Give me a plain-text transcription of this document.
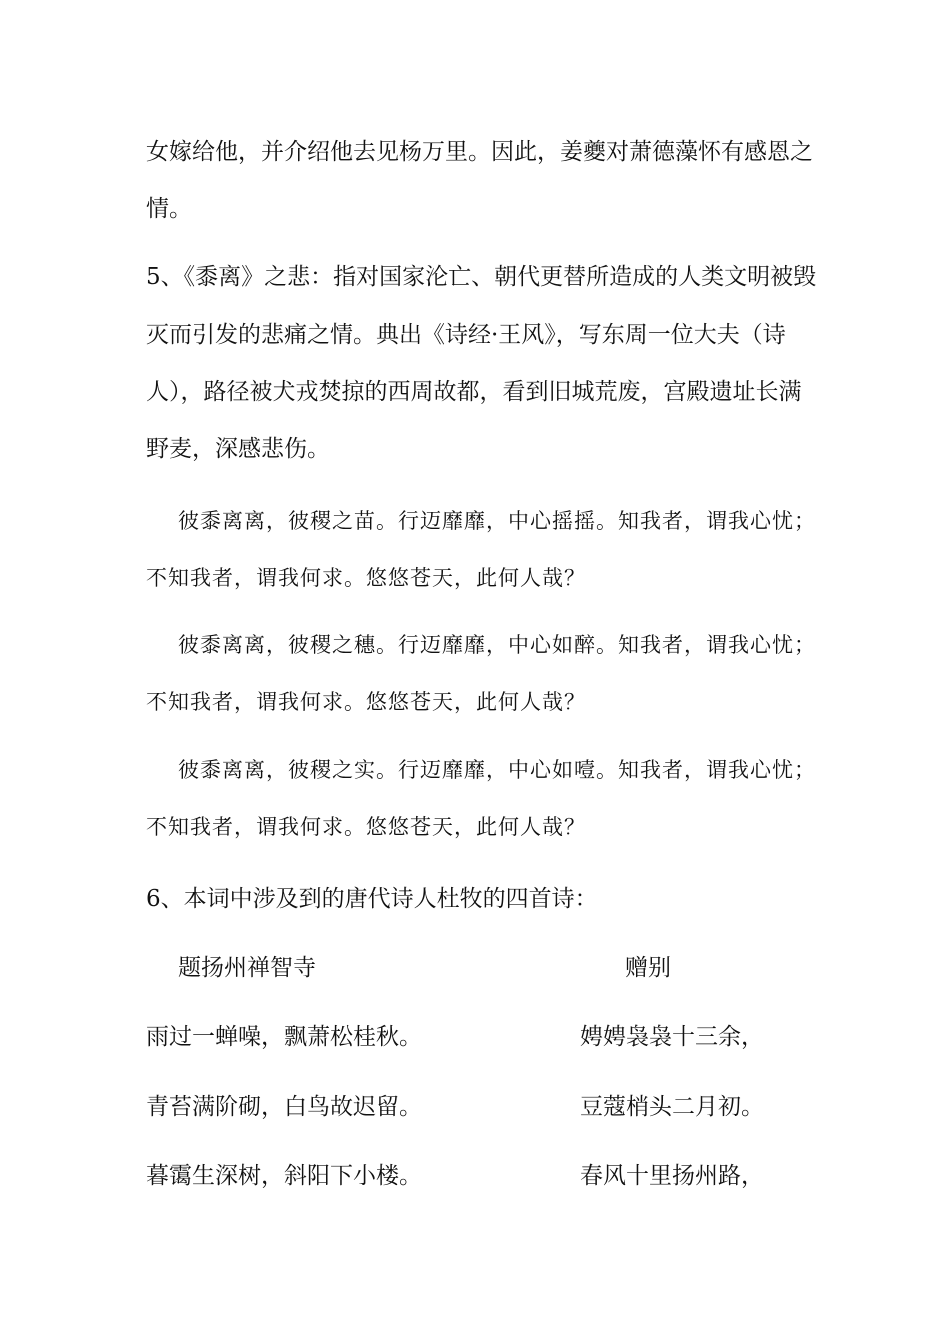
女嫁给他，并介绍他去见杨万里。因此，姜夔对萧德藻怀有感恩之
情。
5、《黍离》之悲：指对国家沦亡、朝代更替所造成的人类文明被毁
灭而引发的悲痛之情。典出《诗经·王风》，写东周一位大夫（诗
人），路径被犬戎焚掠的西周故都，看到旧城荒废，宫殿遗址长满
野麦，深感悲伤。
彼黍离离，彼稷之苗。行迈靡靡，中心摇摇。知我者，谓我心忧；
不知我者，谓我何求。悠悠苍天，此何人哉？
彼黍离离，彼稷之穗。行迈靡靡，中心如醉。知我者，谓我心忧；
不知我者，谓我何求。悠悠苍天，此何人哉？
彼黍离离，彼稷之实。行迈靡靡，中心如噎。知我者，谓我心忧；
不知我者，谓我何求。悠悠苍天，此何人哉？
6、本词中涉及到的唐代诗人杜牧的四首诗：
题扬州禅智寺	赠别
雨过一蝉噪，飘萧松桂秋。	娉娉袅袅十三余，
青苔满阶砌，白鸟故迟留。	豆蔻梢头二月初。
暮霭生深树，斜阳下小楼。	春风十里扬州路，
